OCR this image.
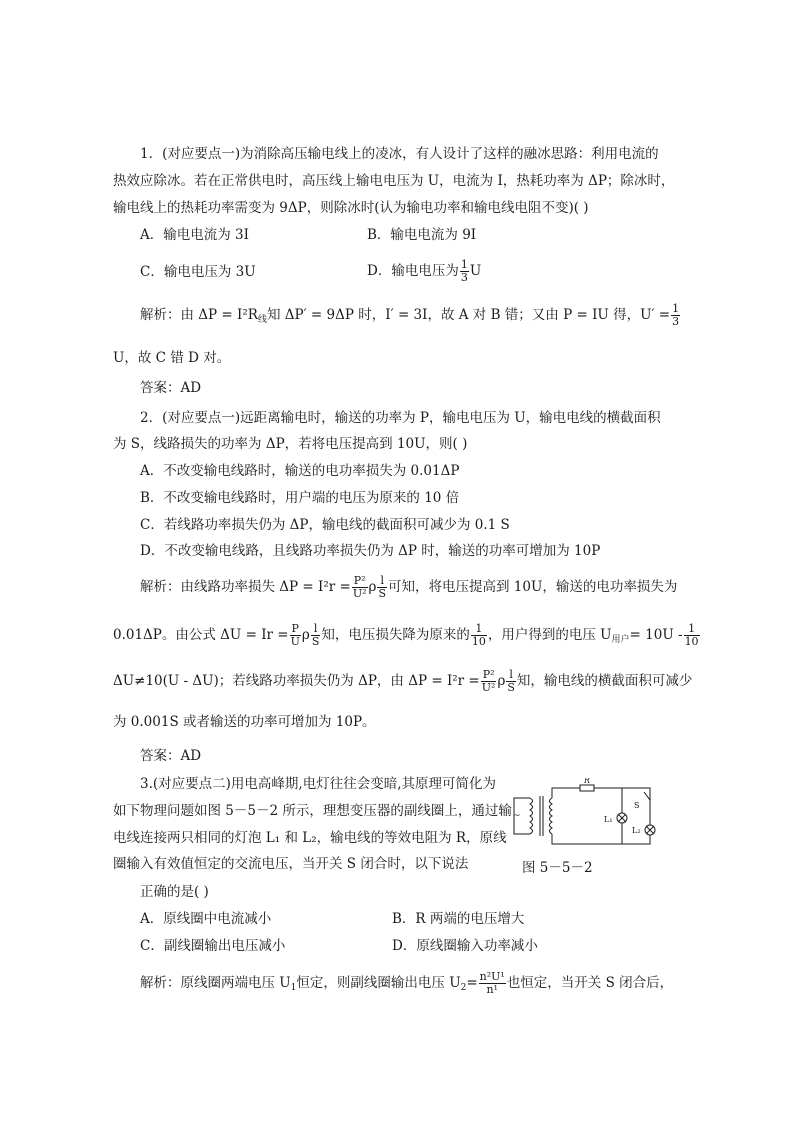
1．(对应要点一)为消除高压输电线上的凌冰，有人设计了这样的融冰思路：利用电流的
热效应除冰。若在正常供电时，高压线上输电电压为 U，电流为 I，热耗功率为 ΔP；除冰时，
输电线上的热耗功率需变为 9ΔP，则除冰时(认为输电功率和输电线电阻不变)( )
A．输电电流为 3I	B．输电电流为 9I
C．输电电压为 3U	D．输电电压为 $\frac{1}{3}$ U
解析：由 $\Delta P = I^2R_线$知 ΔP′ = 9ΔP 时，I′ = 3I，故 A 对 B 错；又由 P = IU 得，$U' = \frac{1}{3}$
U，故 C 错 D 对。
答案：AD
2．(对应要点一)远距离输电时，输送的功率为 P，输电电压为 U，输电电线的横截面积
为 S，线路损失的功率为 ΔP，若将电压提高到 10U，则( )
A．不改变输电线路时，输送的电功率损失为 0.01ΔP
B．不改变输电线路时，用户端的电压为原来的 10 倍
C．若线路功率损失仍为 ΔP，输电线的截面积可减少为 0.1 S
D．不改变输电线路，且线路功率损失仍为 ΔP 时，输送的功率可增加为 10P
解析：由线路功率损失 $\Delta P = I^2r = \frac{\text{P²}}{\text{U²}}$ ρ $\frac{l}{S}$ 可知，将电压提高到 10U，输送的电功率损失为
0.01ΔP。由公式 $\Delta U = Ir = \frac{P}{U}$ ρ $\frac{l}{S}$ 知，电压损失降为原来的 $\frac{1}{10}$ ，用户得到的电压 $U_{用户}= 10U - \frac{1}{10}$
ΔU≠10(U - ΔU)；若线路功率损失仍为 ΔP，由 $\Delta P = I^2r = \frac{\text{P²}}{\text{U²}}$ ρ $\frac{l}{S}$ 知，输电线的横截面积可减少
为 0.001S 或者输送的功率可增加为 10P。
答案：AD
3.(对应要点二)用电高峰期,电灯往往会变暗,其原理可简化为
如下物理问题如图 5－5－2 所示，理想变压器的副线圈上，通过输
电线连接两只相同的灯泡 L₁ 和 L₂，输电线的等效电阻为 R，原线
圈输入有效值恒定的交流电压，当开关 S 闭合时，以下说法
正确的是( )
~
R
L₁
S
L₂
图 5－5－2
A．原线圈中电流减小	B．R 两端的电压增大
C．副线圈输出电压减小	D．原线圈输入功率减小
解析：原线圈两端电压 $U_1$恒定，则副线圈输出电压 $U_2= \frac{\text{n²U¹}}{\text{n¹}}$ 也恒定，当开关 S 闭合后，
